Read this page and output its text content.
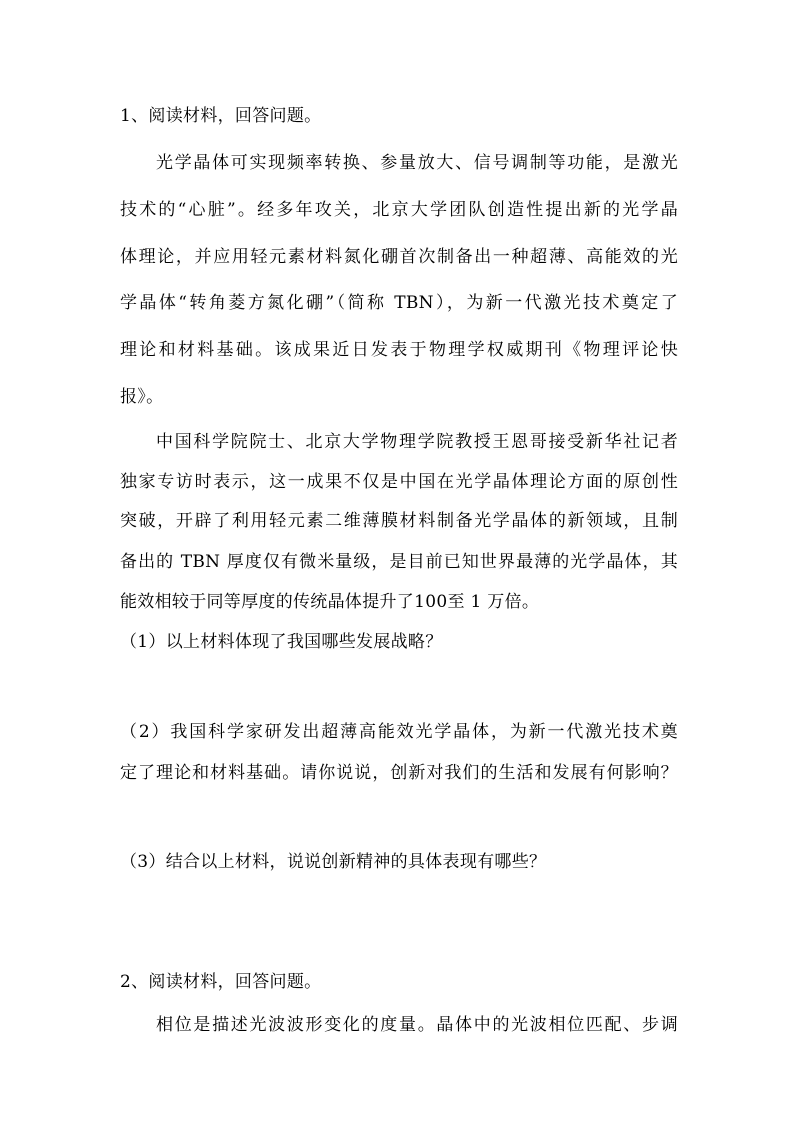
1、阅读材料，回答问题。
光学晶体可实现频率转换、参量放大、信号调制等功能，是激光
技术的“心脏”。经多年攻关，北京大学团队创造性提出新的光学晶
体理论，并应用轻元素材料氮化硼首次制备出一种超薄、高能效的光
学晶体“转角菱方氮化硼”（简称 TBN），为新一代激光技术奠定了
理论和材料基础。该成果近日发表于物理学权威期刊《物理评论快
报》。
中国科学院院士、北京大学物理学院教授王恩哥接受新华社记者
独家专访时表示，这一成果不仅是中国在光学晶体理论方面的原创性
突破，开辟了利用轻元素二维薄膜材料制备光学晶体的新领域，且制
备出的 TBN 厚度仅有微米量级，是目前已知世界最薄的光学晶体，其
能效相较于同等厚度的传统晶体提升了100至 1 万倍。
（1）以上材料体现了我国哪些发展战略？
（2）我国科学家研发出超薄高能效光学晶体，为新一代激光技术奠
定了理论和材料基础。请你说说，创新对我们的生活和发展有何影响？
（3）结合以上材料，说说创新精神的具体表现有哪些？
2、阅读材料，回答问题。
相位是描述光波波形变化的度量。晶体中的光波相位匹配、步调
